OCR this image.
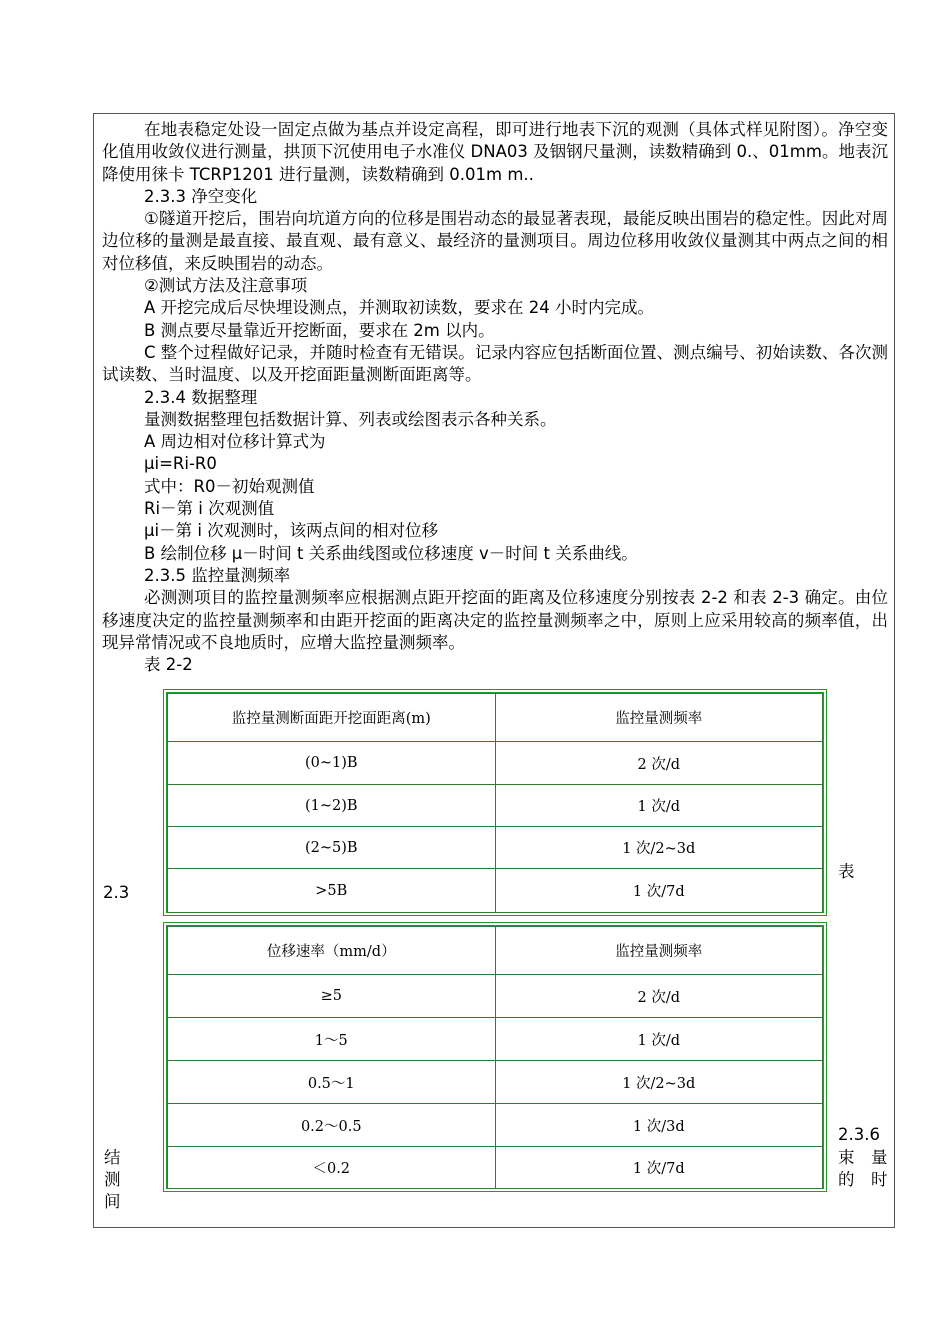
在地表稳定处设一固定点做为基点并设定高程，即可进行地表下沉的观测（具体式样见附图）。净空变化值用收敛仪进行测量，拱顶下沉使用电子水准仪 DNA03 及铟钢尺量测，读数精确到 0.、01mm。地表沉降使用徕卡 TCRP1201 进行量测，读数精确到 0.01m m..

2.3.3 净空变化

①隧道开挖后，围岩向坑道方向的位移是围岩动态的最显著表现，最能反映出围岩的稳定性。因此对周边位移的量测是最直接、最直观、最有意义、最经济的量测项目。周边位移用收敛仪量测其中两点之间的相对位移值，来反映围岩的动态。

②测试方法及注意事项

A 开挖完成后尽快埋设测点，并测取初读数，要求在 24 小时内完成。

B 测点要尽量靠近开挖断面，要求在 2m 以内。

C 整个过程做好记录，并随时检查有无错误。记录内容应包括断面位置、测点编号、初始读数、各次测试读数、当时温度、以及开挖面距量测断面距离等。

2.3.4 数据整理

量测数据整理包括数据计算、列表或绘图表示各种关系。

A 周边相对位移计算式为

μi=Ri-R0

式中：R0－初始观测值

Ri－第 i 次观测值

μi－第 i 次观测时，该两点间的相对位移

B 绘制位移 μ－时间 t 关系曲线图或位移速度 v－时间 t 关系曲线。

2.3.5 监控量测频率

必测测项目的监控量测频率应根据测点距开挖面的距离及位移速度分别按表 2-2 和表 2-3 确定。由位移速度决定的监控量测频率和由距开挖面的距离决定的监控量测频率之中，原则上应采用较高的频率值，出现异常情况或不良地质时，应增大监控量测频率。

表 2-2

监控量测断面距开挖面距离(m)	监控量测频率
(0~1)B	2 次/d
(1~2)B	1 次/d
(2~5)B	1 次/2~3d
>5B	1 次/7d
位移速率（mm/d）	监控量测频率
≥5	2 次/d
1～5	1 次/d
0.5～1	1 次/2~3d
0.2～0.5	1 次/3d
＜0.2	1 次/7d
2.3
表
2.3.6
束　量
的　时
结
测
间
